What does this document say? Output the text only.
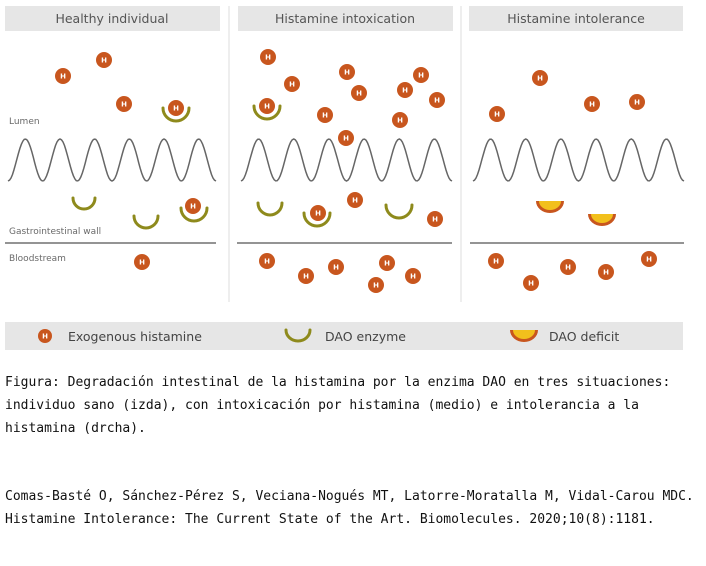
Healthy individual	Histamine intoxication	Histamine intolerance
Lumen
Gastrointestinal wall
Bloodstream
H
H
H	H
H
H
H
H
H
H
H
H
H
H
H
H
H
H
H
H
H
H
H	H
H
H
H
H
H	H
H
H
H
H
H
H Exogenous histamine	DAO enzyme	DAO deficit

Figura: Degradación intestinal de la histamina por la enzima DAO en tres situaciones: individuo sano (izda), con intoxicación por histamina (medio) e intolerancia a la histamina (drcha).

Comas-Basté O, Sánchez-Pérez S, Veciana-Nogués MT, Latorre-Moratalla M, Vidal-Carou MDC. Histamine Intolerance: The Current State of the Art. Biomolecules. 2020;10(8):1181.
